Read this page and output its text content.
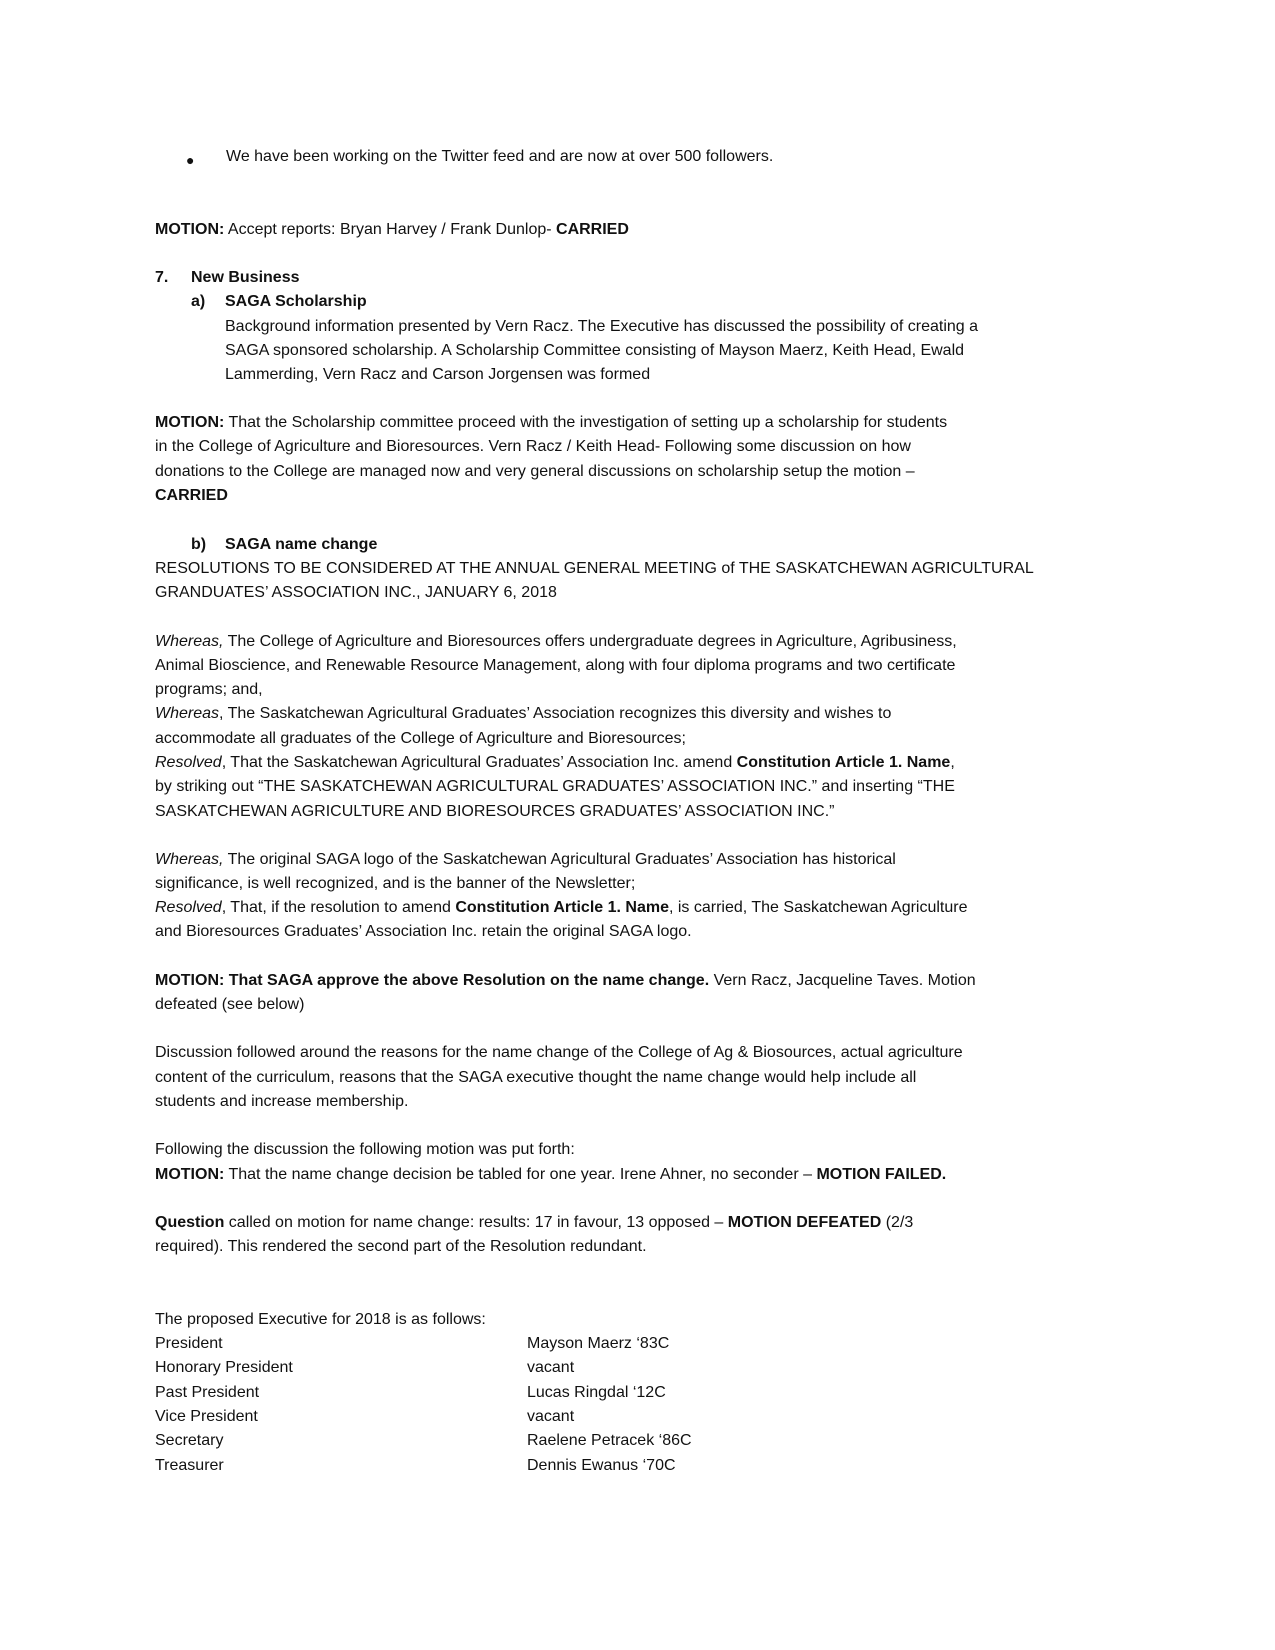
● We have been working on the Twitter feed and are now at over 500 followers.
MOTION: Accept reports: Bryan Harvey / Frank Dunlop- CARRIED
7. New Business
a) SAGA Scholarship
Background information presented by Vern Racz. The Executive has discussed the possibility of creating a
SAGA sponsored scholarship. A Scholarship Committee consisting of Mayson Maerz, Keith Head, Ewald
Lammerding, Vern Racz and Carson Jorgensen was formed
MOTION: That the Scholarship committee proceed with the investigation of setting up a scholarship for students
in the College of Agriculture and Bioresources. Vern Racz / Keith Head- Following some discussion on how
donations to the College are managed now and very general discussions on scholarship setup the motion –
CARRIED
b) SAGA name change
RESOLUTIONS TO BE CONSIDERED AT THE ANNUAL GENERAL MEETING of THE SASKATCHEWAN AGRICULTURAL
GRANDUATES’ ASSOCIATION INC., JANUARY 6, 2018
Whereas, The College of Agriculture and Bioresources offers undergraduate degrees in Agriculture, Agribusiness,
Animal Bioscience, and Renewable Resource Management, along with four diploma programs and two certificate
programs; and,
Whereas, The Saskatchewan Agricultural Graduates’ Association recognizes this diversity and wishes to
accommodate all graduates of the College of Agriculture and Bioresources;
Resolved, That the Saskatchewan Agricultural Graduates’ Association Inc. amend Constitution Article 1. Name,
by striking out “THE SASKATCHEWAN AGRICULTURAL GRADUATES’ ASSOCIATION INC.” and inserting “THE
SASKATCHEWAN AGRICULTURE AND BIORESOURCES GRADUATES’ ASSOCIATION INC.”
Whereas, The original SAGA logo of the Saskatchewan Agricultural Graduates’ Association has historical
significance, is well recognized, and is the banner of the Newsletter;
Resolved, That, if the resolution to amend Constitution Article 1. Name, is carried, The Saskatchewan Agriculture
and Bioresources Graduates’ Association Inc. retain the original SAGA logo.
MOTION: That SAGA approve the above Resolution on the name change. Vern Racz, Jacqueline Taves. Motion
defeated (see below)
Discussion followed around the reasons for the name change of the College of Ag & Biosources, actual agriculture
content of the curriculum, reasons that the SAGA executive thought the name change would help include all
students and increase membership.
Following the discussion the following motion was put forth:
MOTION: That the name change decision be tabled for one year. Irene Ahner, no seconder – MOTION FAILED.
Question called on motion for name change: results: 17 in favour, 13 opposed – MOTION DEFEATED (2/3
required). This rendered the second part of the Resolution redundant.
The proposed Executive for 2018 is as follows:
President	Mayson Maerz ‘83C
Honorary President	vacant
Past President	Lucas Ringdal ‘12C
Vice President	vacant
Secretary	Raelene Petracek ‘86C
Treasurer	Dennis Ewanus ‘70C
